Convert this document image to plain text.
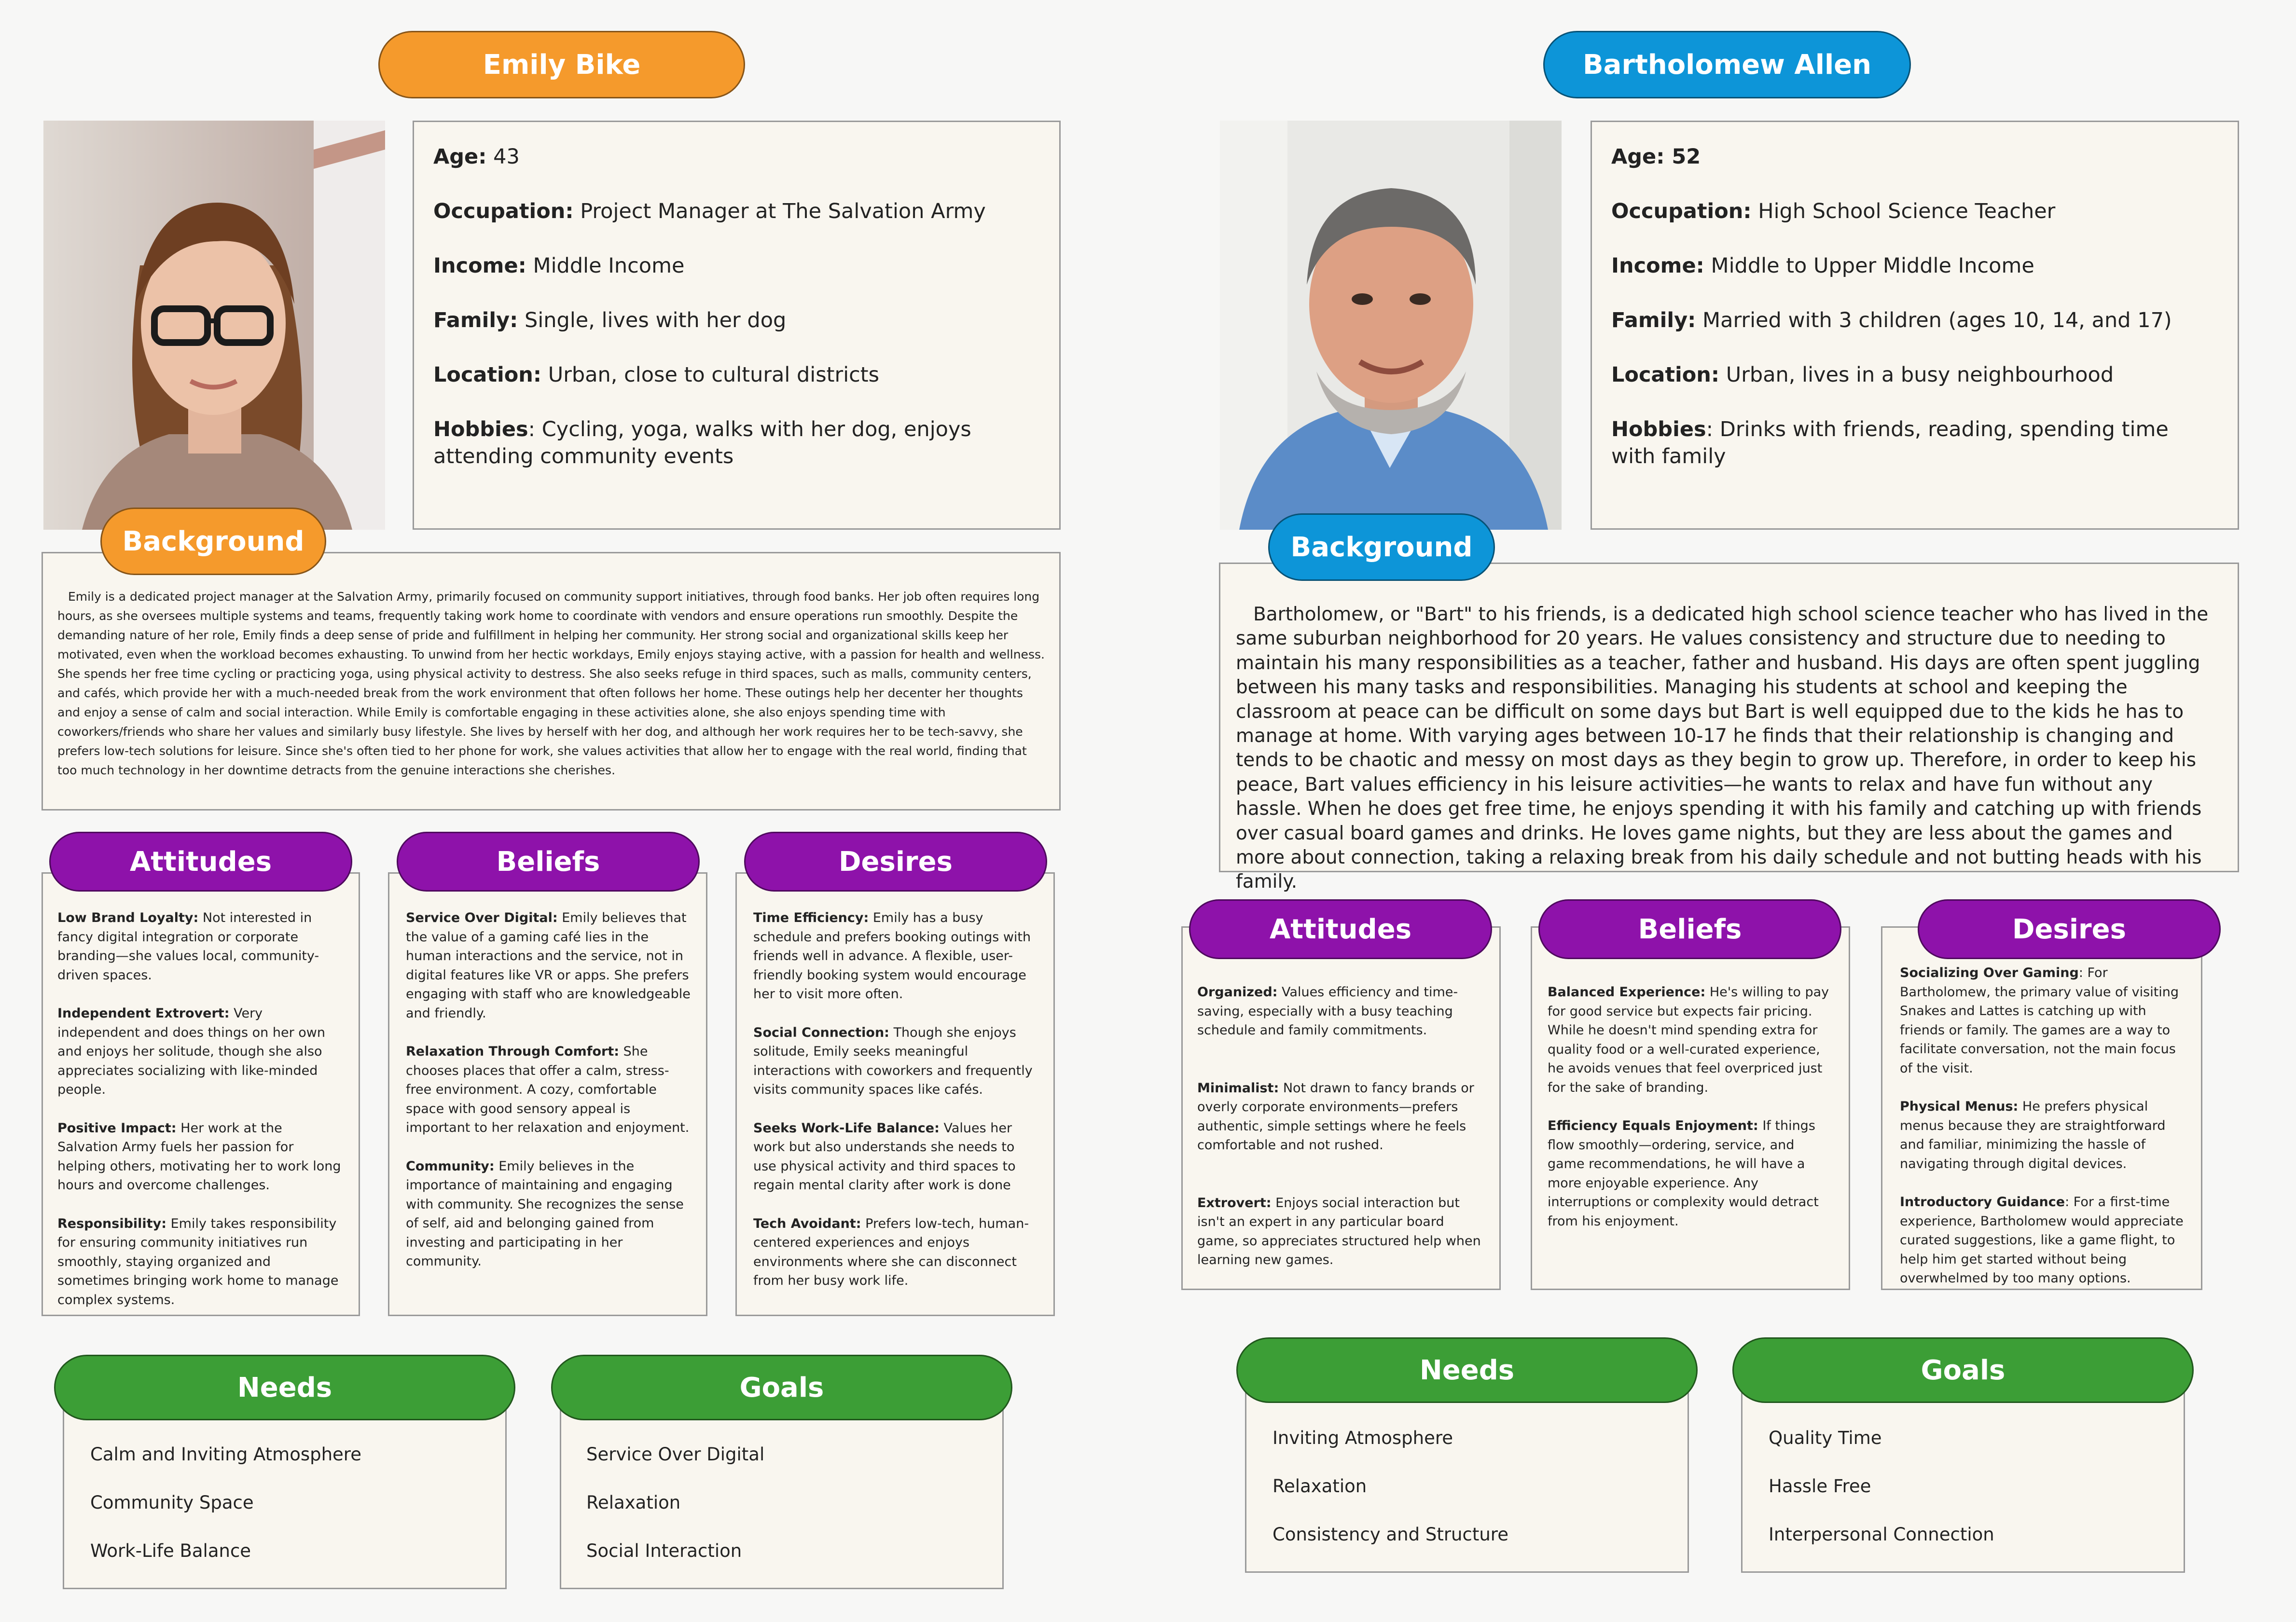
Emily Bike

Age: 43

Occupation: Project Manager at The Salvation Army

Income: Middle Income

Family: Single, lives with her dog

Location: Urban, close to cultural districts

Hobbies: Cycling, yoga, walks with her dog, enjoys attending community events

Emily is a dedicated project manager at the Salvation Army, primarily focused on community support initiatives, through food banks. Her job often requires long hours, as she oversees multiple systems and teams, frequently taking work home to coordinate with vendors and ensure operations run smoothly. Despite the demanding nature of her role, Emily finds a deep sense of pride and fulfillment in helping her community. Her strong social and organizational skills keep her motivated, even when the workload becomes exhausting. To unwind from her hectic workdays, Emily enjoys staying active, with a passion for health and wellness. She spends her free time cycling or practicing yoga, using physical activity to destress. She also seeks refuge in third spaces, such as malls, community centers, and cafés, which provide her with a much-needed break from the work environment that often follows her home. These outings help her decenter her thoughts and enjoy a sense of calm and social interaction. While Emily is comfortable engaging in these activities alone, she also enjoys spending time with coworkers/friends who share her values and similarly busy lifestyle. She lives by herself with her dog, and although her work requires her to be tech-savvy, she prefers low-tech solutions for leisure. Since she's often tied to her phone for work, she values activities that allow her to engage with the real world, finding that too much technology in her downtime detracts from the genuine interactions she cherishes.

Background

Low Brand Loyalty: Not interested in fancy digital integration or corporate branding—she values local, community-driven spaces.

Independent Extrovert: Very independent and does things on her own and enjoys her solitude, though she also appreciates socializing with like-minded people.

Positive Impact: Her work at the Salvation Army fuels her passion for helping others, motivating her to work long hours and overcome challenges.

Responsibility: Emily takes responsibility for ensuring community initiatives run smoothly, staying organized and sometimes bringing work home to manage complex systems.

Attitudes

Service Over Digital: Emily believes that the value of a gaming café lies in the human interactions and the service, not in digital features like VR or apps. She prefers engaging with staff who are knowledgeable and friendly.

Relaxation Through Comfort: She chooses places that offer a calm, stress-free environment. A cozy, comfortable space with good sensory appeal is important to her relaxation and enjoyment.

Community: Emily believes in the importance of maintaining and engaging with community. She recognizes the sense of self, aid and belonging gained from investing and participating in her community.

Beliefs

Time Efficiency: Emily has a busy schedule and prefers booking outings with friends well in advance. A flexible, user-friendly booking system would encourage her to visit more often.

Social Connection: Though she enjoys solitude, Emily seeks meaningful interactions with coworkers and frequently visits community spaces like cafés.

Seeks Work-Life Balance: Values her work but also understands she needs to use physical activity and third spaces to regain mental clarity after work is done

Tech Avoidant: Prefers low-tech, human-centered experiences and enjoys environments where she can disconnect from her busy work life.

Desires

Calm and Inviting Atmosphere

Community Space

Work-Life Balance

Needs

Service Over Digital

Relaxation

Social Interaction

Goals
Bartholomew Allen

Age: 52

Occupation: High School Science Teacher

Income: Middle to Upper Middle Income

Family: Married with 3 children (ages 10, 14, and 17)

Location: Urban, lives in a busy neighbourhood

Hobbies: Drinks with friends, reading, spending time with family

Bartholomew, or "Bart" to his friends, is a dedicated high school science teacher who has lived in the same suburban neighborhood for 20 years. He values consistency and structure due to needing to maintain his many responsibilities as a teacher, father and husband. His days are often spent juggling between his many tasks and responsibilities. Managing his students at school and keeping the classroom at peace can be difficult on some days but Bart is well equipped due to the kids he has to manage at home. With varying ages between 10-17 he finds that their relationship is changing and tends to be chaotic and messy on most days as they begin to grow up. Therefore, in order to keep his peace, Bart values efficiency in his leisure activities—he wants to relax and have fun without any hassle. When he does get free time, he enjoys spending it with his family and catching up with friends over casual board games and drinks. He loves game nights, but they are less about the games and more about connection, taking a relaxing break from his daily schedule and not butting heads with his family.

Background

Organized: Values efficiency and time-saving, especially with a busy teaching schedule and family commitments.

Minimalist: Not drawn to fancy brands or overly corporate environments—prefers authentic, simple settings where he feels comfortable and not rushed.

Extrovert: Enjoys social interaction but isn't an expert in any particular board game, so appreciates structured help when learning new games.

Attitudes

Balanced Experience: He's willing to pay for good service but expects fair pricing. While he doesn't mind spending extra for quality food or a well-curated experience, he avoids venues that feel overpriced just for the sake of branding.

Efficiency Equals Enjoyment: If things flow smoothly—ordering, service, and game recommendations, he will have a more enjoyable experience. Any interruptions or complexity would detract from his enjoyment.

Beliefs

Socializing Over Gaming: For Bartholomew, the primary value of visiting Snakes and Lattes is catching up with friends or family. The games are a way to facilitate conversation, not the main focus of the visit.

Physical Menus: He prefers physical menus because they are straightforward and familiar, minimizing the hassle of navigating through digital devices.

Introductory Guidance: For a first-time experience, Bartholomew would appreciate curated suggestions, like a game flight, to help him get started without being overwhelmed by too many options.

Desires

Inviting Atmosphere

Relaxation

Consistency and Structure

Needs

Quality Time

Hassle Free

Interpersonal Connection

Goals
